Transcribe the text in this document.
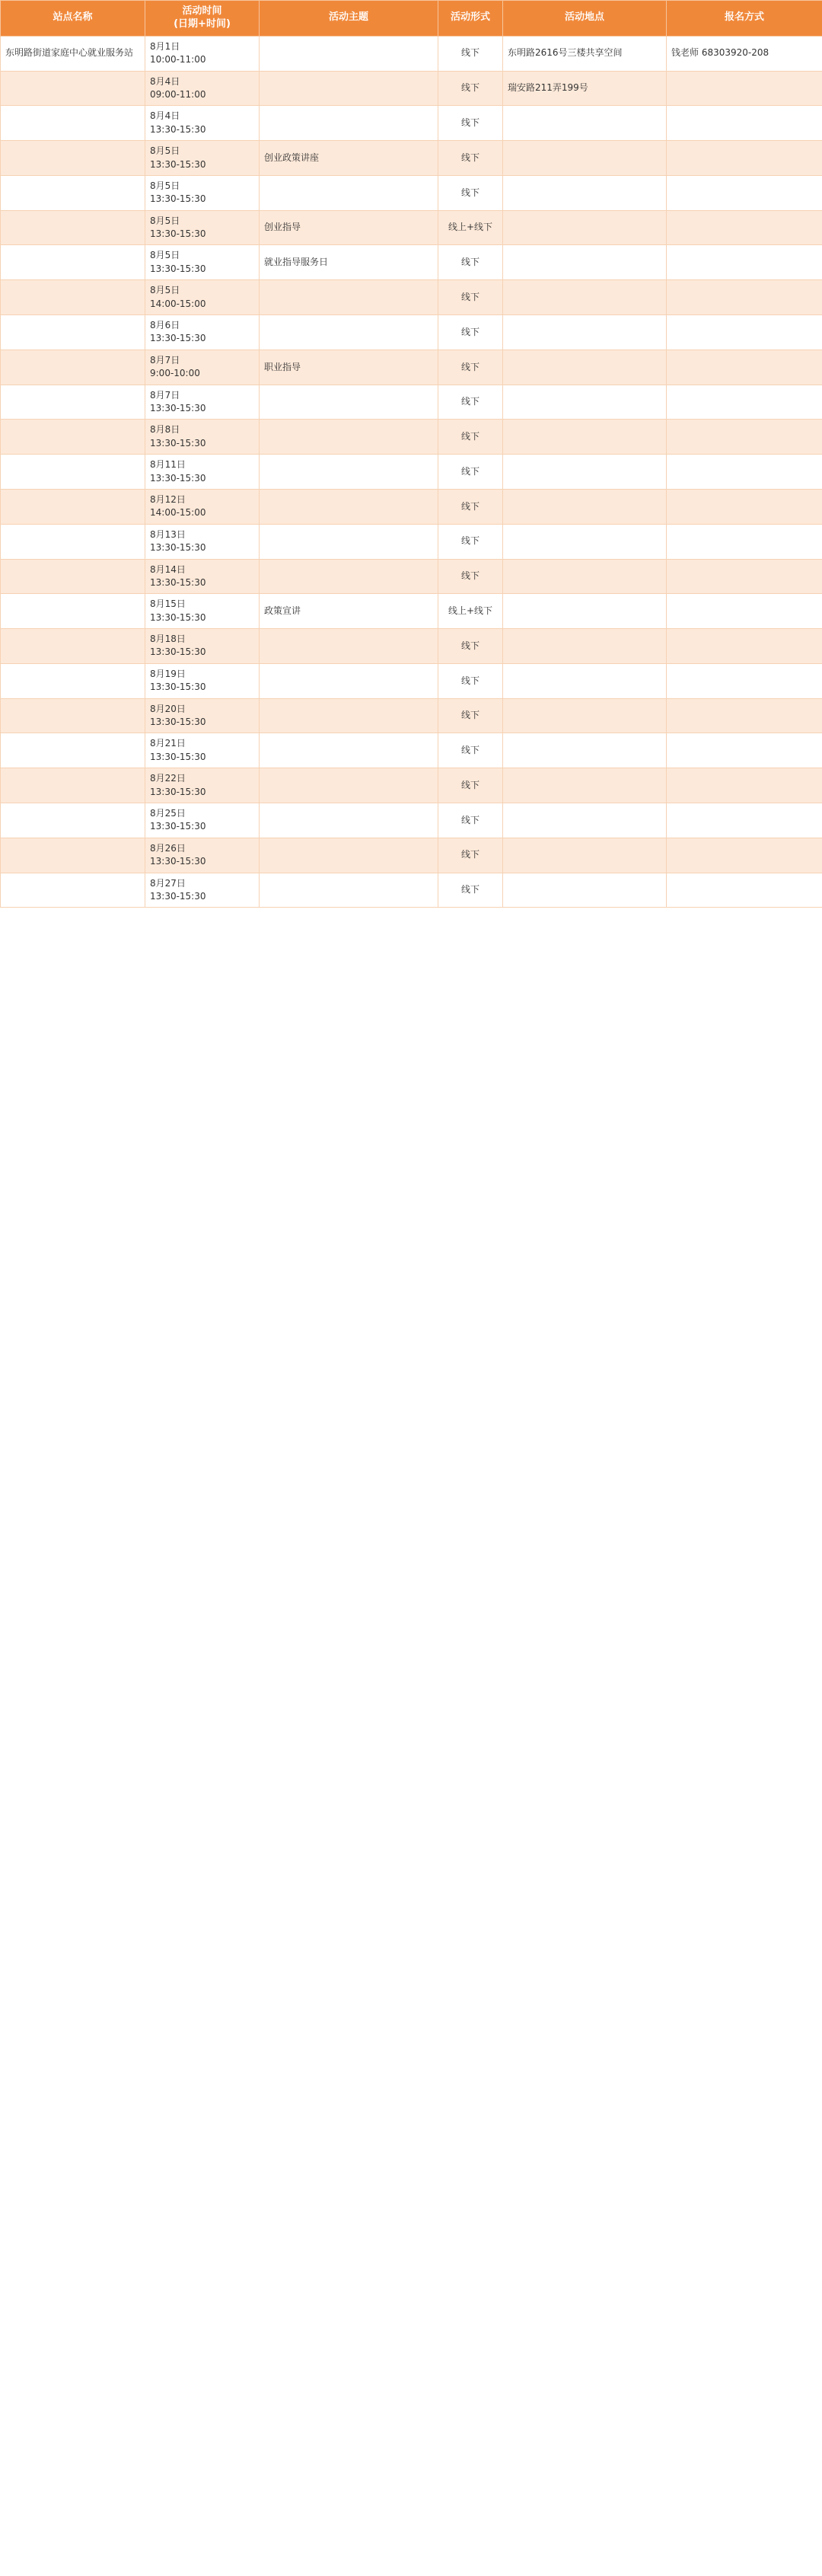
站点名称	活动时间
(日期+时间)	活动主题	活动形式	活动地点	报名方式
东明路街道家庭中心就业服务站	8月1日
10:00-11:00		线下	东明路2616号三楼共享空间	钱老师 68303920-208
	8月4日
09:00-11:00		线下	瑞安路211弄199号	
	8月4日
13:30-15:30		线下		
	8月5日
13:30-15:30	创业政策讲座	线下		
	8月5日
13:30-15:30		线下		
	8月5日
13:30-15:30	创业指导	线上+线下		
	8月5日
13:30-15:30	就业指导服务日	线下		
	8月5日
14:00-15:00		线下		
	8月6日
13:30-15:30		线下		
	8月7日
9:00-10:00	职业指导	线下		
	8月7日
13:30-15:30		线下		
	8月8日
13:30-15:30		线下		
	8月11日
13:30-15:30		线下		
	8月12日
14:00-15:00		线下		
	8月13日
13:30-15:30		线下		
	8月14日
13:30-15:30		线下		
	8月15日
13:30-15:30	政策宣讲	线上+线下		
	8月18日
13:30-15:30		线下		
	8月19日
13:30-15:30		线下		
	8月20日
13:30-15:30		线下		
	8月21日
13:30-15:30		线下		
	8月22日
13:30-15:30		线下		
	8月25日
13:30-15:30		线下		
	8月26日
13:30-15:30		线下		
	8月27日
13:30-15:30		线下		
